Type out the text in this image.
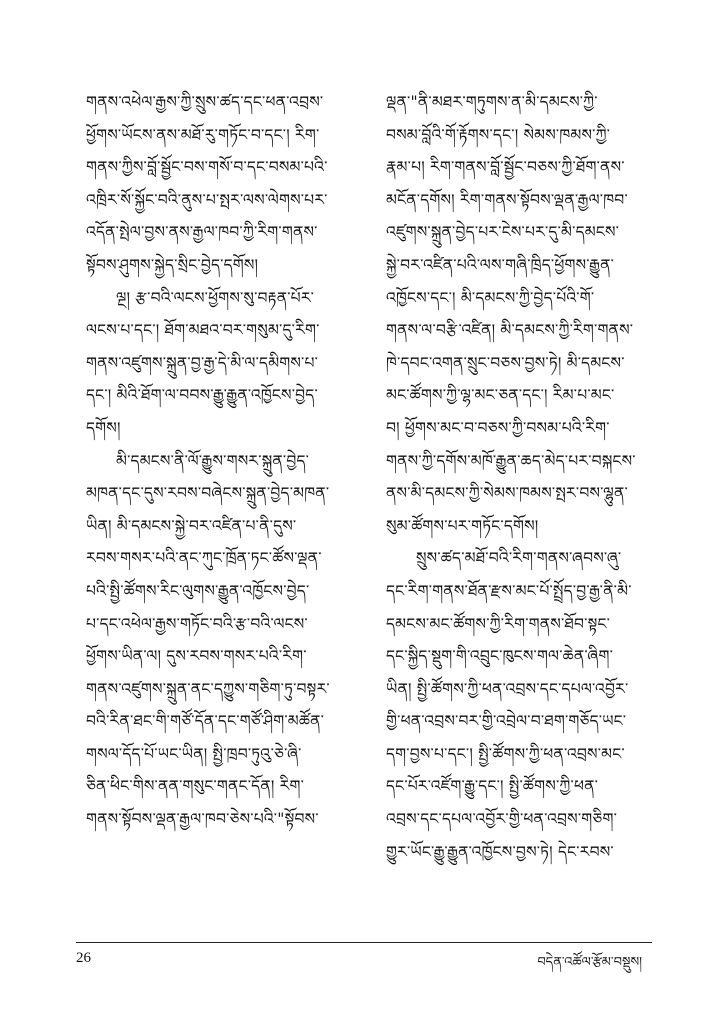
གནས་འཕེལ་རྒྱས་ཀྱི་སྲུས་ཚད་དང་ཕན་འབྲས་
ཕྱོགས་ཡོངས་ནས་མཐོ་རུ་གཏོང་བ་དང་། རིག་
གནས་ཀྱིས་བློ་སྦྱོང་བས་གསོ་བ་དང་བསམ་པའི་
འཁྲིར་སོ་སྐྱོང་བའི་ནུས་པ་སྤར་ལས་ལེགས་པར་
འདོན་སྤེལ་བྱས་ནས་རྒྱལ་ཁབ་ཀྱི་རིག་གནས་
སྟོབས་ཤུགས་སྐྱེད་སྲིང་བྱེད་དགོས།
ལྔ། རྩ་བའི་ལངས་ཕྱོགས་སུ་བརྟན་པོར་
ལངས་པ་དང་། ཐོག་མཐའ་བར་གསུམ་དུ་རིག་
གནས་འཛུགས་སྐྲུན་བྱ་རྒྱ་དེ་མི་ལ་དམིགས་པ་
དང་། མིའི་ཐོག་ལ་བབས་རྒྱུ་རྒྱུན་འཁྱོངས་བྱེད་
དགོས།
མི་དམངས་ནི་ལོ་རྒྱུས་གསར་སྐྲུན་བྱེད་
མཁན་དང་དུས་རབས་བཞེངས་སྐྲུན་བྱེད་མཁན་
ཡིན། མི་དམངས་སྐྱེ་བར་འཛིན་པ་ནི་དུས་
རབས་གསར་པའི་ནང་ཀུང་ཁྲོན་ཏང་ཚོས་ལྡན་
པའི་སྤྱི་ཚོགས་རིང་ལུགས་རྒྱུན་འཁྱོངས་བྱེད་
པ་དང་འཕེལ་རྒྱས་གཏོང་བའི་རྩ་བའི་ལངས་
ཕྱོགས་ཡིན་ལ། དུས་རབས་གསར་པའི་རིག་
གནས་འཛུགས་སྐྲུན་ནང་དཀྱུས་གཅིག་ཏུ་བསྟར་
བའི་རིན་ཐང་གི་གཙོ་དོན་དང་གཙོ་ཤིག་མཚོན་
གསལ་དོད་པོ་ཡང་ཡིན། སྤྱི་ཁྲབ་ཏུའུ་ཅེ་ཞི་
ཅིན་ཕིང་གིས་ནན་གསུང་གནང་དོན། རིག་
གནས་སྟོབས་ལྡན་རྒྱལ་ཁབ་ཅེས་པའི་"སྟོབས་
ལྡན་"ནི་མཐར་གཏུགས་ན་མི་དམངས་ཀྱི་
བསམ་བློའི་གོ་རྟོགས་དང་། སེམས་ཁམས་ཀྱི་
རྣམ་པ། རིག་གནས་བློ་སྦྱོང་བཅས་ཀྱི་ཐོག་ནས་
མངོན་དགོས། རིག་གནས་སྟོབས་ལྡན་རྒྱལ་ཁབ་
འཛུགས་སྐྲུན་བྱེད་པར་ངེས་པར་དུ་མི་དམངས་
སྐྱེ་བར་འཛིན་པའི་ལས་གཞི་ཁྲིད་ཕྱོགས་རྒྱུན་
འཁྱོངས་དང་། མི་དམངས་ཀྱི་བྱེད་པོའི་གོ་
གནས་ལ་བརྩི་འཛིན། མི་དམངས་ཀྱི་རིག་གནས་
ཁེ་དབང་འགན་སྲུང་བཅས་བྱས་ཏེ། མི་དམངས་
མང་ཚོགས་ཀྱི་ལྷ་མང་ཅན་དང་། རིམ་པ་མང་
བ། ཕྱོགས་མང་བ་བཅས་ཀྱི་བསམ་པའི་རིག་
གནས་ཀྱི་དགོས་མཁོ་རྒྱུན་ཆད་མེད་པར་བསྐངས་
ནས་མི་དམངས་ཀྱི་སེམས་ཁམས་སྤར་བས་ལྷུན་
སུམ་ཚོགས་པར་གཏོང་དགོས།
སྲུས་ཚད་མཐོ་བའི་རིག་གནས་ཞབས་ཞུ་
དང་རིག་གནས་ཐོན་རྫས་མང་པོ་སྤྲོད་བྱ་རྒྱ་ནི་མི་
དམངས་མང་ཚོགས་ཀྱི་རིག་གནས་ཐོབ་སྟང་
དང་སྐྱིད་སྡུག་གི་འབྲུང་ཁུངས་གལ་ཆེན་ཞིག་
ཡིན། སྤྱི་ཚོགས་ཀྱི་ཕན་འབྲས་དང་དཔལ་འབྱོར་
གྱི་ཕན་འབྲས་བར་གྱི་འབྲེལ་བ་ཐག་གཅོད་ཡང་
དག་བྱས་པ་དང་། སྤྱི་ཚོགས་ཀྱི་ཕན་འབྲས་མང་
དང་པོར་འཛོག་རྒྱུ་དང་། སྤྱི་ཚོགས་ཀྱི་ཕན་
འབྲས་དང་དཔལ་འབྱོར་གྱི་ཕན་འབྲས་གཅིག་
གྱུར་ཡོང་རྒྱུ་རྒྱུན་འཁྱོངས་བྱས་ཏེ། དེང་རབས་
26	བདེན་འཚོལ་རྩོམ་བསྡུས།
